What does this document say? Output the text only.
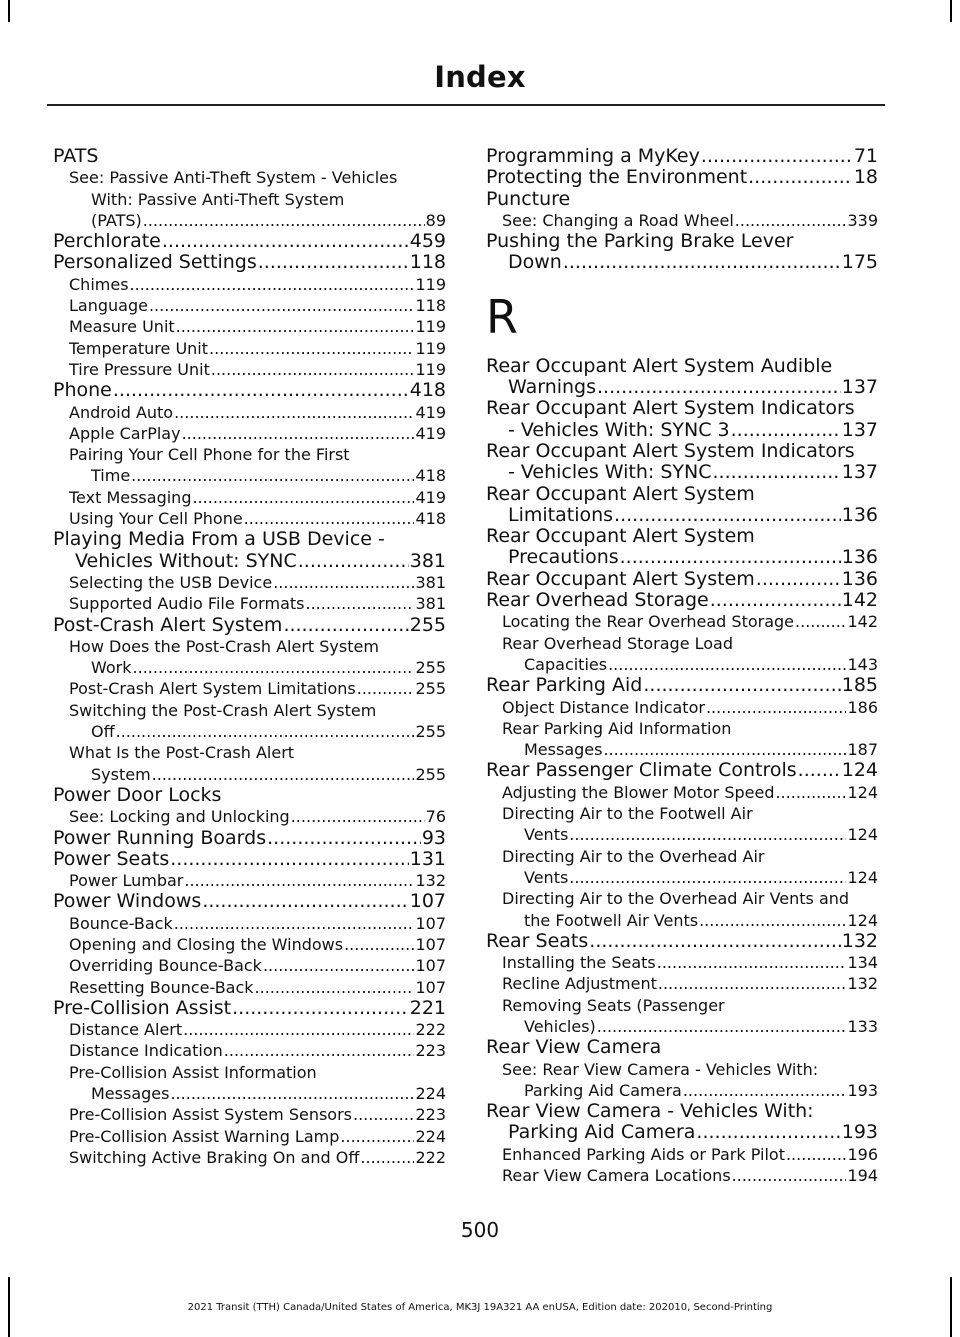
Index
PATS
See: Passive Anti-Theft System - Vehicles
With: Passive Anti-Theft System
(PATS) .....	89
Perchlorate .....	459
Personalized Settings .....	118
Chimes .....	119
Language .....	118
Measure Unit .....	119
Temperature Unit .....	119
Tire Pressure Unit .....	119
Phone .....	418
Android Auto .....	419
Apple CarPlay .....	419
Pairing Your Cell Phone for the First
Time .....	418
Text Messaging .....	419
Using Your Cell Phone .....	418
Playing Media From a USB Device -
Vehicles Without: SYNC .....	381
Selecting the USB Device .....	381
Supported Audio File Formats .....	381
Post-Crash Alert System .....	255
How Does the Post-Crash Alert System
Work .....	255
Post-Crash Alert System Limitations .....	255
Switching the Post-Crash Alert System
Off .....	255
What Is the Post-Crash Alert
System .....	255
Power Door Locks
See: Locking and Unlocking .....	76
Power Running Boards .....	93
Power Seats .....	131
Power Lumbar .....	132
Power Windows .....	107
Bounce-Back .....	107
Opening and Closing the Windows .....	107
Overriding Bounce-Back .....	107
Resetting Bounce-Back .....	107
Pre-Collision Assist .....	221
Distance Alert .....	222
Distance Indication .....	223
Pre-Collision Assist Information
Messages .....	224
Pre-Collision Assist System Sensors .....	223
Pre-Collision Assist Warning Lamp .....	224
Switching Active Braking On and Off .....	222
Programming a MyKey .....	71
Protecting the Environment .....	18
Puncture
See: Changing a Road Wheel .....	339
Pushing the Parking Brake Lever
Down .....	175
R
Rear Occupant Alert System Audible
Warnings .....	137
Rear Occupant Alert System Indicators
- Vehicles With: SYNC 3 .....	137
Rear Occupant Alert System Indicators
- Vehicles With: SYNC .....	137
Rear Occupant Alert System
Limitations .....	136
Rear Occupant Alert System
Precautions .....	136
Rear Occupant Alert System .....	136
Rear Overhead Storage .....	142
Locating the Rear Overhead Storage .....	142
Rear Overhead Storage Load
Capacities .....	143
Rear Parking Aid .....	185
Object Distance Indicator .....	186
Rear Parking Aid Information
Messages .....	187
Rear Passenger Climate Controls ..... 124
Adjusting the Blower Motor Speed .....	124
Directing Air to the Footwell Air
Vents .....	124
Directing Air to the Overhead Air
Vents .....	124
Directing Air to the Overhead Air Vents and
the Footwell Air Vents .....	124
Rear Seats .....	132
Installing the Seats .....	134
Recline Adjustment .....	132
Removing Seats (Passenger
Vehicles) .....	133
Rear View Camera
See: Rear View Camera - Vehicles With:
Parking Aid Camera .....	193
Rear View Camera - Vehicles With:
Parking Aid Camera .....	193
Enhanced Parking Aids or Park Pilot .....	196
Rear View Camera Locations .....	194
500
2021 Transit (TTH) Canada/United States of America, MK3J 19A321 AA enUSA, Edition date: 202010, Second-Printing
